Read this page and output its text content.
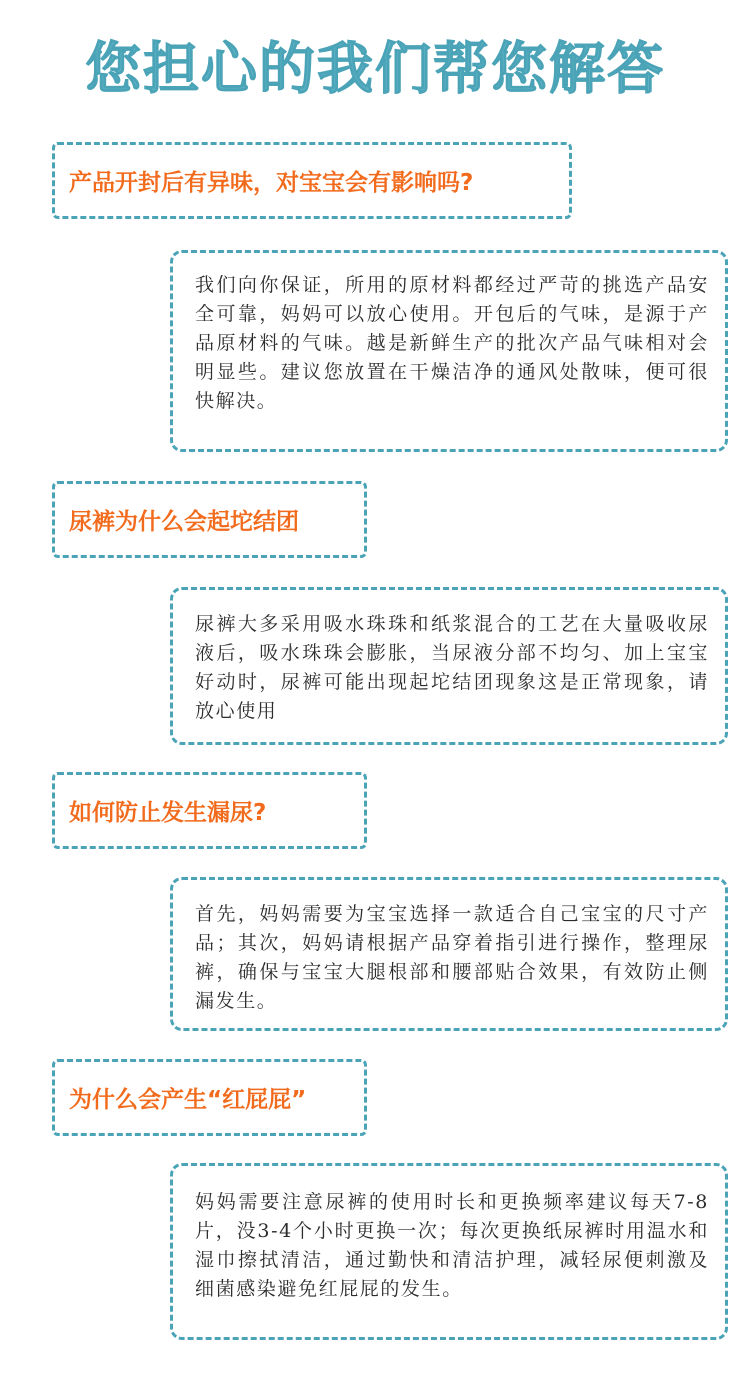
您担心的我们帮您解答
产品开封后有异味，对宝宝会有影响吗?

我们向你保证，所用的原材料都经过严苛的挑选产品安全可靠，妈妈可以放心使用。开包后的气味，是源于产品原材料的气味。越是新鲜生产的批次产品气味相对会明显些。建议您放置在干燥洁净的通风处散味，便可很快解决。

尿裤为什么会起坨结团

尿裤大多采用吸水珠珠和纸浆混合的工艺在大量吸收尿液后，吸水珠珠会膨胀，当尿液分部不均匀、加上宝宝好动时，尿裤可能出现起坨结团现象这是正常现象，请放心使用

如何防止发生漏尿?

首先，妈妈需要为宝宝选择一款适合自己宝宝的尺寸产品；其次，妈妈请根据产品穿着指引进行操作，整理尿裤，确保与宝宝大腿根部和腰部贴合效果，有效防止侧漏发生。

为什么会产生“红屁屁”

妈妈需要注意尿裤的使用时长和更换频率建议每天7-8片，没3-4个小时更换一次；每次更换纸尿裤时用温水和湿巾擦拭清洁，通过勤快和清洁护理，减轻尿便刺激及细菌感染避免红屁屁的发生。
